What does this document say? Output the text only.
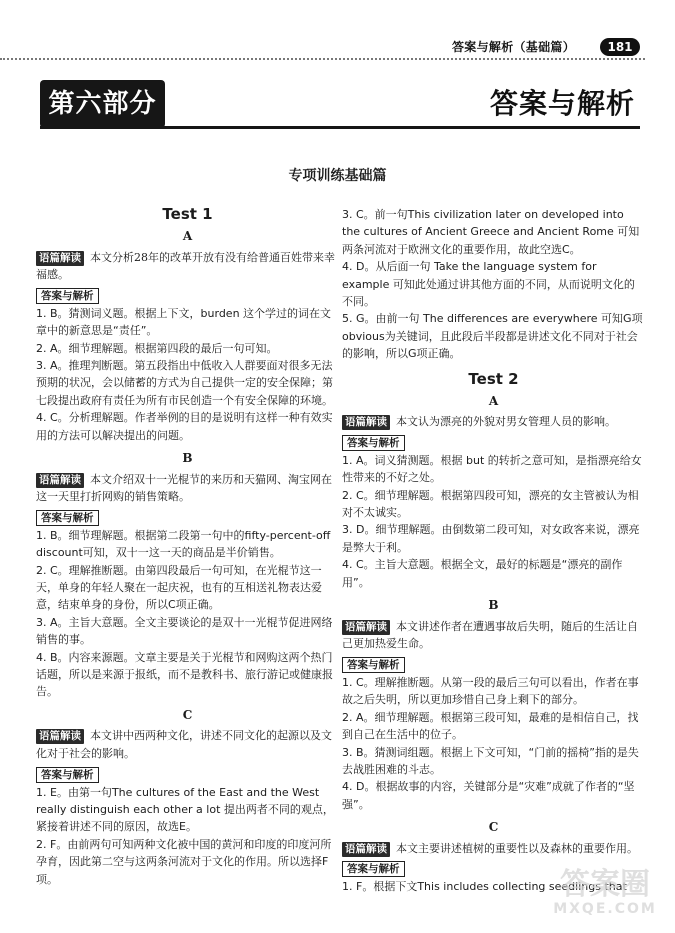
答案与解析（基础篇）	181
第六部分	答案与解析
专项训练基础篇
Test 1
A
语篇解读 本文分析28年的改革开放有没有给普通百姓带来幸福感。
答案与解析

1. B。猜测词义题。根据上下文，burden 这个学过的词在文章中的新意思是“责任”。

2. A。细节理解题。根据第四段的最后一句可知。

3. A。推理判断题。第五段指出中低收入人群要面对很多无法预期的状况，会以储蓄的方式为自己提供一定的安全保障；第七段提出政府有责任为所有市民创造一个有安全保障的环境。

4. C。分析理解题。作者举例的目的是说明有这样一种有效实用的方法可以解决提出的问题。

B
语篇解读 本文介绍双十一光棍节的来历和天猫网、淘宝网在这一天里打折网购的销售策略。
答案与解析

1. B。细节理解题。根据第二段第一句中的fifty-percent-off discount可知，双十一这一天的商品是半价销售。

2. C。理解推断题。由第四段最后一句可知，在光棍节这一天，单身的年轻人聚在一起庆祝，也有的互相送礼物表达爱意，结束单身的身份，所以C项正确。

3. A。主旨大意题。全文主要谈论的是双十一光棍节促进网络销售的事。

4. B。内容来源题。文章主要是关于光棍节和网购这两个热门话题，所以是来源于报纸，而不是教科书、旅行游记或健康报告。

C
语篇解读 本文讲中西两种文化，讲述不同文化的起源以及文化对于社会的影响。
答案与解析

1. E。由第一句The cultures of the East and the West really distinguish each other a lot 提出两者不同的观点，紧接着讲述不同的原因，故选E。

2. F。由前两句可知两种文化被中国的黄河和印度的印度河所孕育，因此第二空与这两条河流对于文化的作用。所以选择F项。

3. C。前一句This civilization later on developed into the cultures of Ancient Greece and Ancient Rome 可知两条河流对于欧洲文化的重要作用，故此空选C。

4. D。从后面一句 Take the language system for example 可知此处通过讲其他方面的不同，从而说明文化的不同。

5. G。由前一句 The differences are everywhere 可知G项obvious为关键词，且此段后半段都是讲述文化不同对于社会的影响，所以G项正确。

Test 2
A
语篇解读 本文认为漂亮的外貌对男女管理人员的影响。
答案与解析

1. A。词义猜测题。根据 but 的转折之意可知，是指漂亮给女性带来的不好之处。

2. C。细节理解题。根据第四段可知，漂亮的女主管被认为相对不太诚实。

3. D。细节理解题。由倒数第二段可知，对女政客来说，漂亮是弊大于利。

4. C。主旨大意题。根据全文，最好的标题是“漂亮的副作用”。

B
语篇解读 本文讲述作者在遭遇事故后失明，随后的生活让自己更加热爱生命。
答案与解析

1. C。理解推断题。从第一段的最后三句可以看出，作者在事故之后失明，所以更加珍惜自己身上剩下的部分。

2. A。细节理解题。根据第三段可知，最难的是相信自己，找到自己在生活中的位子。

3. B。猜测词组题。根据上下文可知，“门前的摇椅”指的是失去战胜困难的斗志。

4. D。根据故事的内容，关键部分是“灾难”成就了作者的“坚强”。

C
语篇解读 本文主要讲述植树的重要性以及森林的重要作用。
答案与解析

1. F。根据下文This includes collecting seedlings that

答案圈
MXQE.COM
